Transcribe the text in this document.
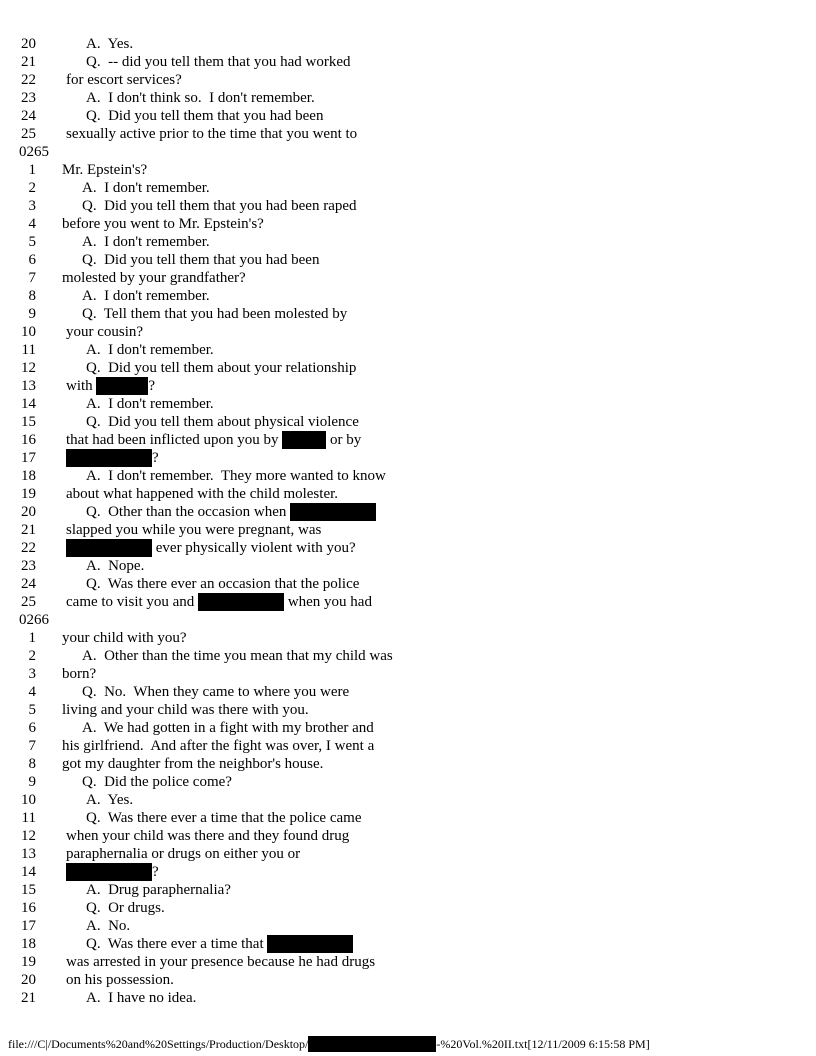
20	A.  Yes.
21	Q.  -- did you tell them that you had worked
22 for escort services?
23	A.  I don't think so.  I don't remember.
24	Q.  Did you tell them that you had been
25 sexually active prior to the time that you went to
0265
1 Mr. Epstein's?
2	A.  I don't remember.
3	Q.  Did you tell them that you had been raped
4 before you went to Mr. Epstein's?
5	A.  I don't remember.
6	Q.  Did you tell them that you had been
7 molested by your grandfather?
8	A.  I don't remember.
9	Q.  Tell them that you had been molested by
10 your cousin?
11	A.  I don't remember.
12	Q.  Did you tell them about your relationship
13 with	?
14	A.  I don't remember.
15	Q.  Did you tell them about physical violence
16 that had been inflicted upon you by	or by
17	?
18	A.  I don't remember.  They more wanted to know
19 about what happened with the child molester.
20	Q.  Other than the occasion when
21 slapped you while you were pregnant, was
22	ever physically violent with you?
23	A.  Nope.
24	Q.  Was there ever an occasion that the police
25 came to visit you and	when you had
0266
1 your child with you?
2	A.  Other than the time you mean that my child was
3 born?
4	Q.  No.  When they came to where you were
5 living and your child was there with you.
6	A.  We had gotten in a fight with my brother and
7 his girlfriend.  And after the fight was over, I went a
8 got my daughter from the neighbor's house.
9	Q.  Did the police come?
10	A.  Yes.
11	Q.  Was there ever a time that the police came
12 when your child was there and they found drug
13 paraphernalia or drugs on either you or
14	?
15	A.  Drug paraphernalia?
16	Q.  Or drugs.
17	A.  No.
18	Q.  Was there ever a time that
19 was arrested in your presence because he had drugs
20 on his possession.
21	A.  I have no idea.
file:///C|/Documents%20and%20Settings/Production/Desktop/	-%20Vol.%20II.txt[12/11/2009 6:15:58 PM]
